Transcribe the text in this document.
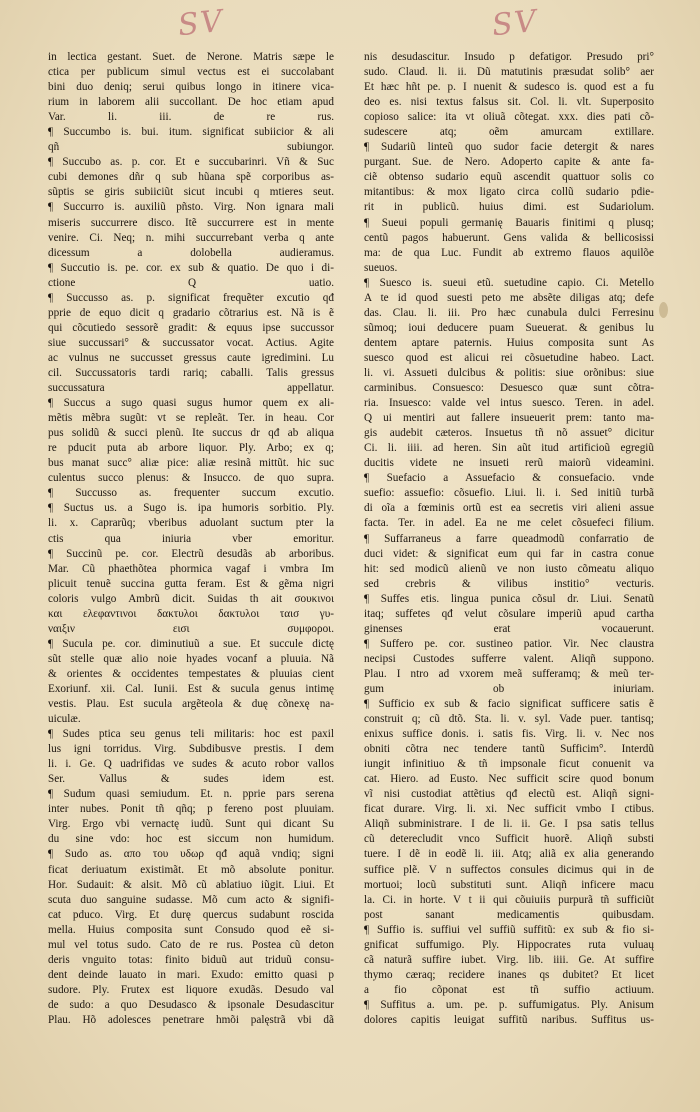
SV	SV
in lectica gestant. Suet. de Nerone. Matris sæpe le
ctica per publicum simul vectus est ei succolabant
bini duo deniq; serui quibus longo in itinere vica-
rium in laborem alii succollant. De hoc etiam apud
Var. li. iii. de re rus.
¶ Succumbo is. bui. itum. significat subiicior & ali
qñ subiungor.
¶ Succubo as. p. cor. Et e succubarinri. Vñ & Suc
cubi demones dñr q sub hũana spẽ corporibus as-
sũptis se giris subiiciũt sicut incubi q mtieres seut.
¶ Succurro is. auxiliũ pñsto. Virg. Non ignara mali
miseris succurrere disco. Itẽ succurrere est in mente
venire. Ci. Neq; n. mihi succurrebant verba q ante
dicessum a dolobella audieramus.
¶ Succutio is. pe. cor. ex sub & quatio. De quo i di-
ctione Q uatio.
¶ Succusso as. p. significat frequẽter excutio qđ
pprie de equo dicit q gradario cõtrarius est. Nã is ẽ
qui cõcutiedo sessorẽ gradit: & equus ipse succussor
siue succussari° & succussator vocat. Actius. Agite
ac vulnus ne succusset gressus caute igredimini. Lu
cil. Succussatoris tardi rariq; caballi. Talis gressus
succussatura appellatur.
¶ Succus a sugo quasi sugus humor quem ex ali-
mẽtis mẽbra sugũt: vt se repleãt. Ter. in heau. Cor
pus solidũ & succi plenũ. Ite succus dr qđ ab aliqua
re pducit puta ab arbore liquor. Ply. Arbo; ex q;
bus manat succ° aliæ pice: aliæ resinã mittũt. hic suc
culentus succo plenus: & Insucco. de quo supra.
¶ Succusso as. frequenter succum excutio.
¶ Suctus us. a Sugo is. ipa humoris sorbitio. Ply.
li. x. Caprarũq; vberibus aduolant suctum pter la
ctis qua iniuria vber emoritur.
¶ Succinũ pe. cor. Electrũ desudãs ab arboribus.
Mar. Cũ phaethõtea phormica vagaf i vmbra Im
plicuit tenuẽ succina gutta feram. Est & gẽma nigri
coloris vulgo Ambrũ dicit. Suidas th ait σουκινοι
και ελεφαντινοι δακτυλοι δακτυλοι ταισ γυ-
ναιξιν εισι συμφοροι.
¶ Sucula pe. cor. diminutiuũ a sue. Et succule dictę
sũt stelle quæ alio noie hyades vocanf a pluuia. Nã
& orientes & occidentes tempestates & pluuias cient
Exoriunf. xii. Cal. Iunii. Est & sucula genus intimę
vestis. Plau. Est sucula argẽteola & duę cõnexę na-
uiculæ.
¶ Sudes ptica seu genus teli militaris: hoc est paxil
lus igni torridus. Virg. Subdibusve prestis. I dem
li. i. Ge. Q uadrifidas ve sudes & acuto robor vallos
Ser. Vallus & sudes idem est.
¶ Sudum quasi semiudum. Et. n. pprie pars serena
inter nubes. Ponit tñ qñq; p fereno post pluuiam.
Virg. Ergo vbi vernactę iudũ. Sunt qui dicant Su
du sine vdo: hoc est siccum non humidum.
¶ Sudo as. απο του υδωρ qđ aquã vndiq; signi
ficat deriuatum existimãt. Et mõ absolute ponitur.
Hor. Sudauit: & alsit. Mõ cũ ablatiuo iũgit. Liui. Et
scuta duo sanguine sudasse. Mõ cum acto & signifi-
cat pduco. Virg. Et durę quercus sudabunt roscida
mella. Huius composita sunt Consudo quod eẽ si-
mul vel totus sudo. Cato de re rus. Postea cũ deton
deris vnguito totas: finito biduũ aut triduũ consu-
dent deinde lauato in mari. Exudo: emitto quasi p
sudore. Ply. Frutex est liquore exudãs. Desudo val
de sudo: a quo Desudasco & ipsonale Desudascitur
Plau. Hõ adolesces penetrare hmõi palęstrã vbi dã
nis desudascitur. Insudo p defatigor. Presudo pri°
sudo. Claud. li. ii. Dũ matutinis præsudat solib° aer
Et hæc hñt pe. p. I nuenit & sudesco is. quod est a fu
deo es. nisi textus falsus sit. Col. li. vlt. Superposito
copioso salice: ita vt oliuã cõtegat. xxx. dies pati cõ-
sudescere atq; oẽm amurcam extillare.
¶ Sudariũ linteũ quo sudor facie detergit & nares
purgant. Sue. de Nero. Adoperto capite & ante fa-
ciẽ obtenso sudario equũ ascendit quattuor solis co
mitantibus: & mox ligato circa collũ sudario pdie-
rit in publicũ. huius dimi. est Sudariolum.
¶ Sueui populi germanię Bauaris finitimi q plusq;
centũ pagos habuerunt. Gens valida & bellicosissi
ma: de qua Luc. Fundit ab extremo flauos aquilõe
sueuos.
¶ Suesco is. sueui etũ. suetudine capio. Ci. Metello
A te id quod suesti peto me absẽte diligas atq; defe
das. Clau. li. iii. Pro hæc cunabula dulci Ferresinu
sũmoq; ioui deducere puam Sueuerat. & genibus lu
dentem aptare paternis. Huius composita sunt As
suesco quod est alicui rei cõsuetudine habeo. Lact.
li. vi. Assueti dulcibus & politis: siue orõnibus: siue
carminibus. Consuesco: Desuesco quæ sunt cõtra-
ria. Insuesco: valde vel intus suesco. Teren. in adel.
Q ui mentiri aut fallere insueuerit prem: tanto ma-
gis audebit cæteros. Insuetus tñ nõ assuet° dicitur
Ci. li. iiii. ad heren. Sin aũt itud artificioũ egregiũ
ducitis videte ne insueti rerũ maiorũ videamini.
¶ Suefacio a Assuefacio & consuefacio. vnde
suefio: assuefio: cõsuefio. Liui. li. i. Sed initiũ turbã
di oĩa a fœminis ortũ est ea secretis viri alieni assue
facta. Ter. in adel. Ea ne me celet cõsuefeci filium.
¶ Suffarraneus a farre queadmodũ confarratio de
duci videt: & significat eum qui far in castra conue
hit: sed modicũ alienũ ve non iusto cõmeatu aliquo
sed crebris & vilibus institio° vecturis.
¶ Suffes etis. lingua punica cõsul dr. Liui. Senatũ
itaq; suffetes qđ velut cõsulare imperiũ apud cartha
ginenses erat vocauerunt.
¶ Suffero pe. cor. sustineo patior. Vir. Nec claustra
necipsi Custodes sufferre valent. Aliqñ suppono.
Plau. I ntro ad vxorem meã sufferamq; & meũ ter-
gum ob iniuriam.
¶ Sufficio ex sub & facio significat sufficere satis ẽ
construit q; cũ dtõ. Sta. li. v. syl. Vade puer. tantisq;
enixus suffice donis. i. satis fis. Virg. li. v. Nec nos
obniti cõtra nec tendere tantũ Sufficim°. Interdũ
iungit infinitiuo & tñ impsonale ficut conuenit va
cat. Hiero. ad Eusto. Nec sufficit scire quod bonum
vĩ nisi custodiat attẽtius qđ electũ est. Aliqñ signi-
ficat durare. Virg. li. xi. Nec sufficit vmbo I ctibus.
Aliqñ subministrare. I de li. ii. Ge. I psa satis tellus
cũ deterecludit vnco Sufficit huorẽ. Aliqñ substi
tuere. I dẽ in eodẽ li. iii. Atq; aliã ex alia generando
suffice plẽ. V n suffectos consules dicimus qui in de
mortuoi; locũ substituti sunt. Aliqñ inficere macu
la. Ci. in horte. V t ii qui cõuiuiis purpurã tñ sufficiũt
post sanant medicamentis quibusdam.
¶ Suffio is. suffiui vel suffiũ suffitũ: ex sub & fio si-
gnificat suffumigo. Ply. Hippocrates ruta vuluaų
cã naturã suffire iubet. Virg. lib. iiii. Ge. At suffire
thymo cæraq; recidere inanes qs dubitet? Et licet
a fio cõponat est tñ suffio actiuum.
¶ Suffitus a. um. pe. p. suffumigatus. Ply. Anisum
dolores capitis leuigat suffitũ naribus. Suffitus us-
